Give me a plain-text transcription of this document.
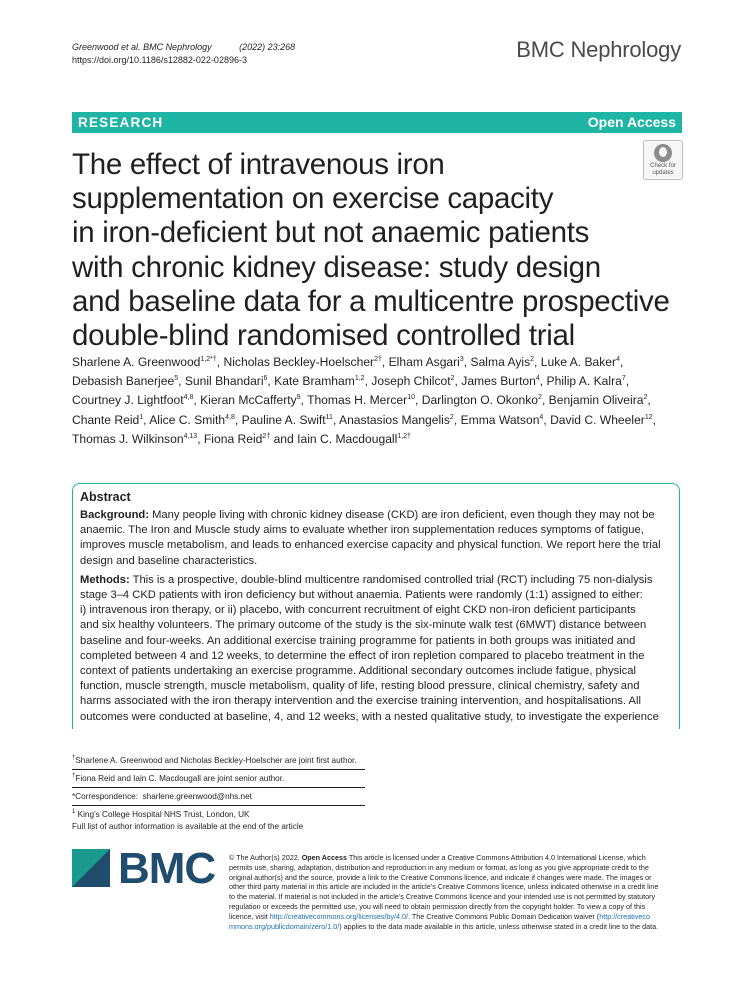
Greenwood et al. BMC Nephrology	(2022) 23:268
https://doi.org/10.1186/s12882-022-02896-3	BMC Nephrology
RESEARCH	Open Access
Check for
updates
The effect of intravenous iron
supplementation on exercise capacity
in iron-deficient but not anaemic patients
with chronic kidney disease: study design
and baseline data for a multicentre prospective
double-blind randomised controlled trial
Sharlene A. Greenwood$^{1,2*\dagger}$, Nicholas Beckley-Hoelscher$^{2\dagger}$, Elham Asgari$^3$, Salma Ayis$^2$, Luke A. Baker$^4$,
Debasish Banerjee$^5$, Sunil Bhandari$^6$, Kate Bramham$^{1,2}$, Joseph Chilcot$^2$, James Burton$^4$, Philip A. Kalra$^7$,
Courtney J. Lightfoot$^{4,8}$, Kieran McCafferty$^9$, Thomas H. Mercer$^{10}$, Darlington O. Okonko$^2$, Benjamin Oliveira$^2$,
Chante Reid$^1$, Alice C. Smith$^{4,8}$, Pauline A. Swift$^{11}$, Anastasios Mangelis$^2$, Emma Watson$^4$, David C. Wheeler$^{12}$,
Thomas J. Wilkinson$^{4,13}$, Fiona Reid$^{2\dagger}$ and Iain C. Macdougall$^{1,2\dagger}$
Abstract
Background: Many people living with chronic kidney disease (CKD) are iron deficient, even though they may not be
anaemic. The Iron and Muscle study aims to evaluate whether iron supplementation reduces symptoms of fatigue,
improves muscle metabolism, and leads to enhanced exercise capacity and physical function. We report here the trial
design and baseline characteristics.
Methods: This is a prospective, double-blind multicentre randomised controlled trial (RCT) including 75 non-dialysis
stage 3–4 CKD patients with iron deficiency but without anaemia. Patients were randomly (1:1) assigned to either:
i) intravenous iron therapy, or ii) placebo, with concurrent recruitment of eight CKD non-iron deficient participants
and six healthy volunteers. The primary outcome of the study is the six-minute walk test (6MWT) distance between
baseline and four-weeks. An additional exercise training programme for patients in both groups was initiated and
completed between 4 and 12 weeks, to determine the effect of iron repletion compared to placebo treatment in the
context of patients undertaking an exercise programme. Additional secondary outcomes include fatigue, physical
function, muscle strength, muscle metabolism, quality of life, resting blood pressure, clinical chemistry, safety and
harms associated with the iron therapy intervention and the exercise training intervention, and hospitalisations. All
outcomes were conducted at baseline, 4, and 12 weeks, with a nested qualitative study, to investigate the experience
†Sharlene A. Greenwood and Nicholas Beckley-Hoelscher are joint first author.
†Fiona Reid and Iain C. Macdougall are joint senior author.
*Correspondence: sharlene.greenwood@nhs.net
$^1$ King’s College Hospital NHS Trust, London, UK
Full list of author information is available at the end of the article
BMC © The Author(s) 2022. Open Access This article is licensed under a Creative Commons Attribution 4.0 International License, which
permits use, sharing, adaptation, distribution and reproduction in any medium or format, as long as you give appropriate credit to the
original author(s) and the source, provide a link to the Creative Commons licence, and indicate if changes were made. The images or
other third party material in this article are included in the article’s Creative Commons licence, unless indicated otherwise in a credit line
to the material. If material is not included in the article’s Creative Commons licence and your intended use is not permitted by statutory
regulation or exceeds the permitted use, you will need to obtain permission directly from the copyright holder. To view a copy of this
licence, visit http://creativecommons.org/licenses/by/4.0/. The Creative Commons Public Domain Dedication waiver (http://creativeco
mmons.org/publicdomain/zero/1.0/) applies to the data made available in this article, unless otherwise stated in a credit line to the data.
